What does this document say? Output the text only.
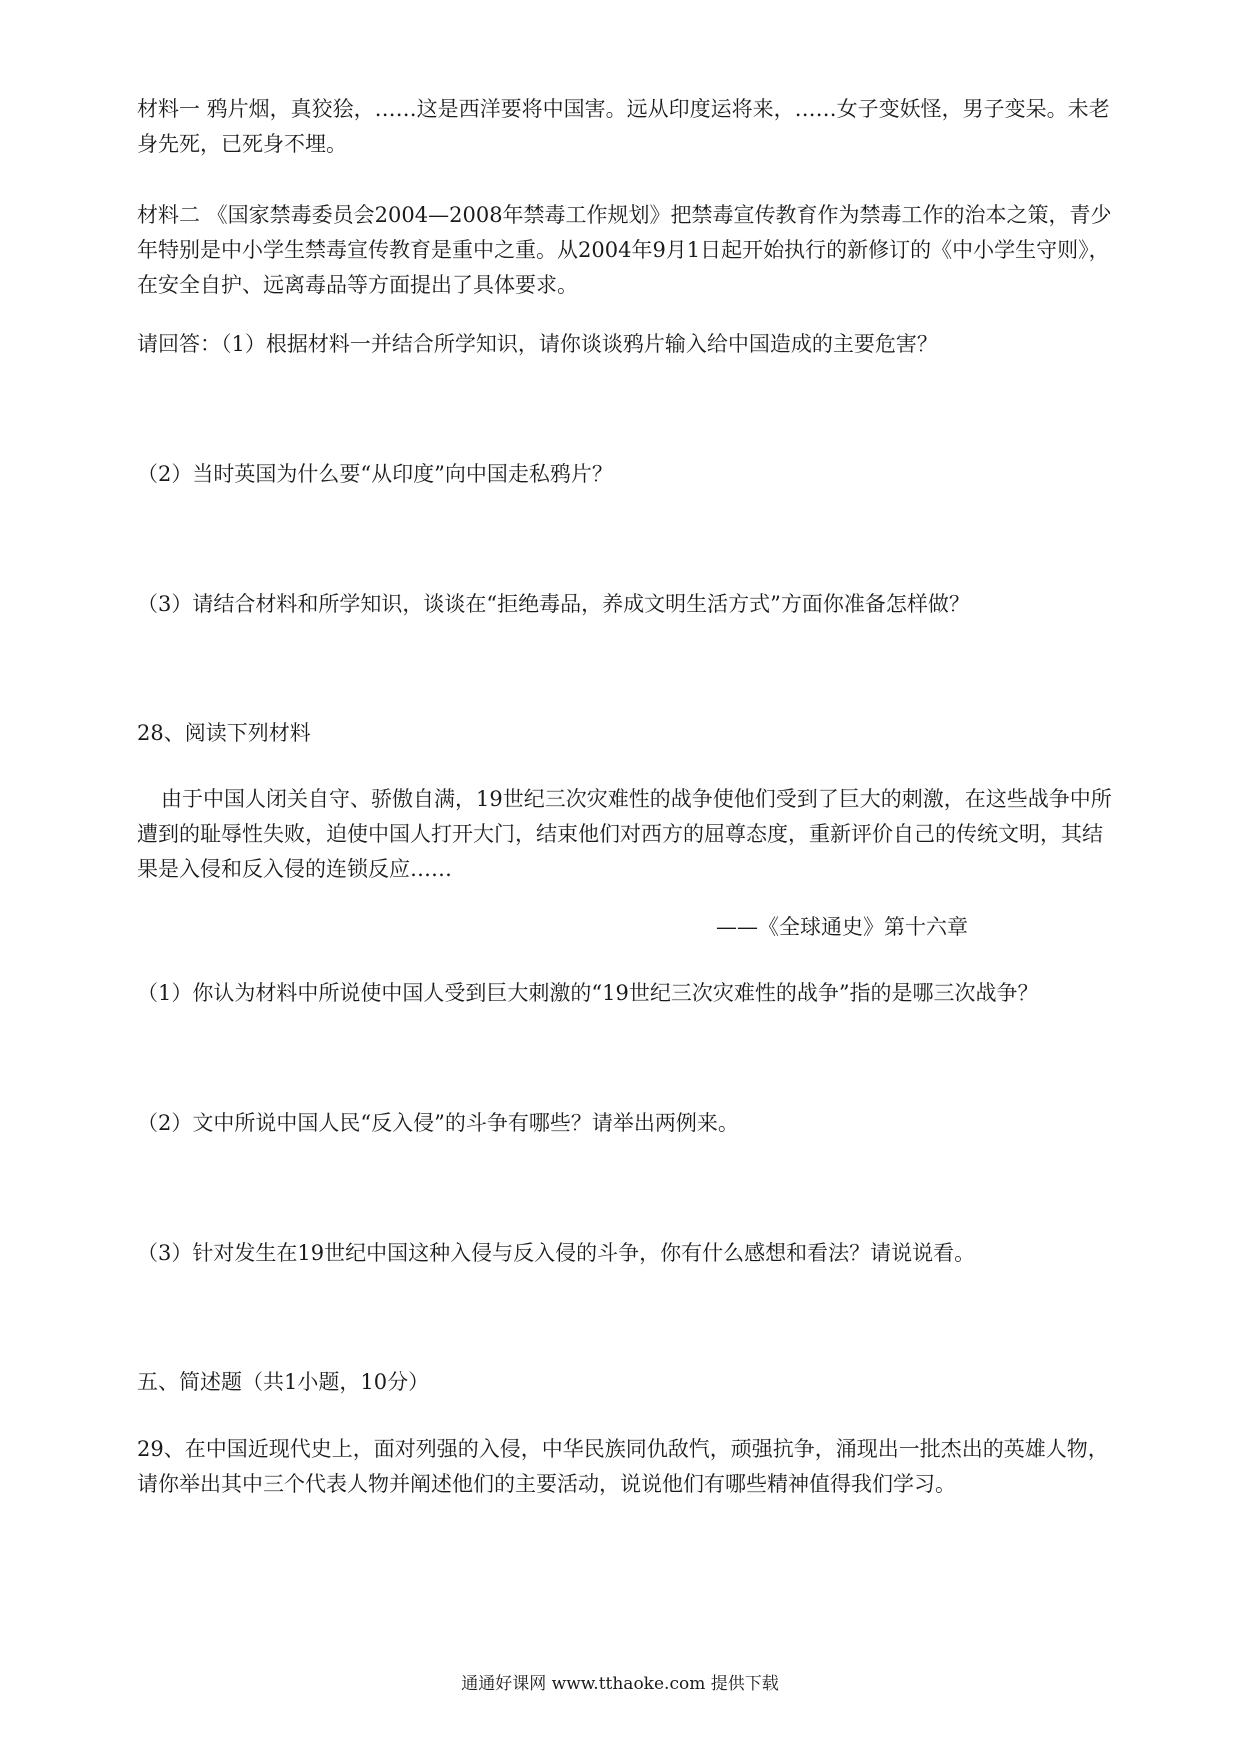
材料一 鸦片烟，真狡狯，……这是西洋要将中国害。远从印度运将来，……女子变妖怪，男子变呆。未老身先死，已死身不埋。

材料二 《国家禁毒委员会2004—2008年禁毒工作规划》把禁毒宣传教育作为禁毒工作的治本之策，青少年特别是中小学生禁毒宣传教育是重中之重。从2004年9月1日起开始执行的新修订的《中小学生守则》，在安全自护、远离毒品等方面提出了具体要求。

请回答：（1）根据材料一并结合所学知识，请你谈谈鸦片输入给中国造成的主要危害？

（2）当时英国为什么要“从印度”向中国走私鸦片？

（3）请结合材料和所学知识，谈谈在“拒绝毒品，养成文明生活方式”方面你准备怎样做？

28、阅读下列材料

由于中国人闭关自守、骄傲自满，19世纪三次灾难性的战争使他们受到了巨大的刺激，在这些战争中所遭到的耻辱性失败，迫使中国人打开大门，结束他们对西方的屈尊态度，重新评价自己的传统文明，其结果是入侵和反入侵的连锁反应……

——《全球通史》第十六章

（1）你认为材料中所说使中国人受到巨大刺激的“19世纪三次灾难性的战争”指的是哪三次战争？

（2）文中所说中国人民“反入侵”的斗争有哪些？请举出两例来。

（3）针对发生在19世纪中国这种入侵与反入侵的斗争，你有什么感想和看法？请说说看。

五、简述题（共1小题，10分）

29、在中国近现代史上，面对列强的入侵，中华民族同仇敌忾，顽强抗争，涌现出一批杰出的英雄人物，请你举出其中三个代表人物并阐述他们的主要活动，说说他们有哪些精神值得我们学习。

通通好课网 www.tthaoke.com 提供下载
